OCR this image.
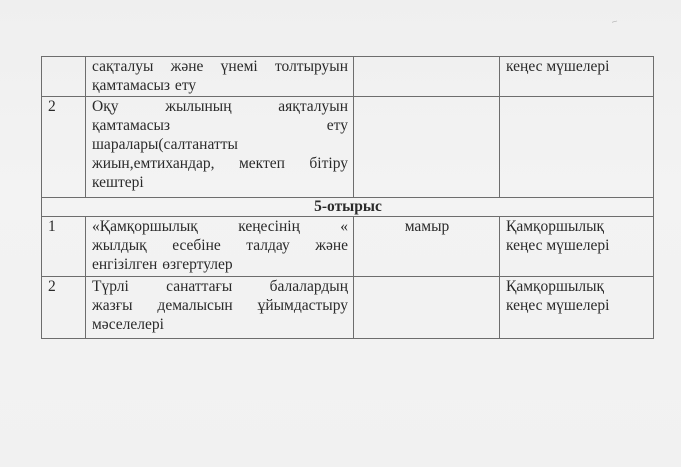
–

	сақталуы және үнемі толтыруын
қамтамасыз ету		кеңес мүшелері

2	Оқу жылының аяқталуын
қамтамасыз ету
шаралары(салтанатты
жиын,емтихандар, мектеп бітіру
кештері		

5-отырыс			
1	«Қамқоршылық кеңесінің «
жылдық есебіне талдау және
енгізілген өзгертулер	мамыр	Қамқоршылық
кеңес мүшелері

2	Түрлі санаттағы балалардың
жазғы демалысын ұйымдастыру
мәселелері		Қамқоршылық
кеңес мүшелері
